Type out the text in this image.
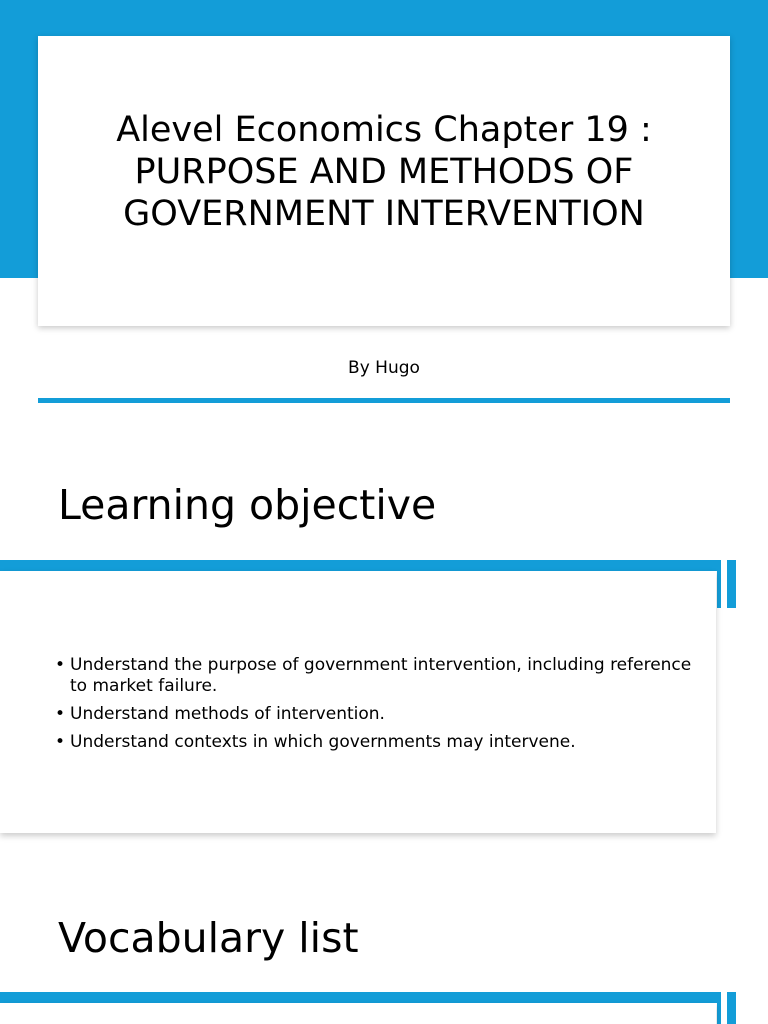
Alevel Economics Chapter 19 : PURPOSE AND METHODS OF GOVERNMENT INTERVENTION
By Hugo
Learning objective
• Understand the purpose of government intervention, including reference to market failure.
• Understand methods of intervention.
• Understand contexts in which governments may intervene.
Vocabulary list
